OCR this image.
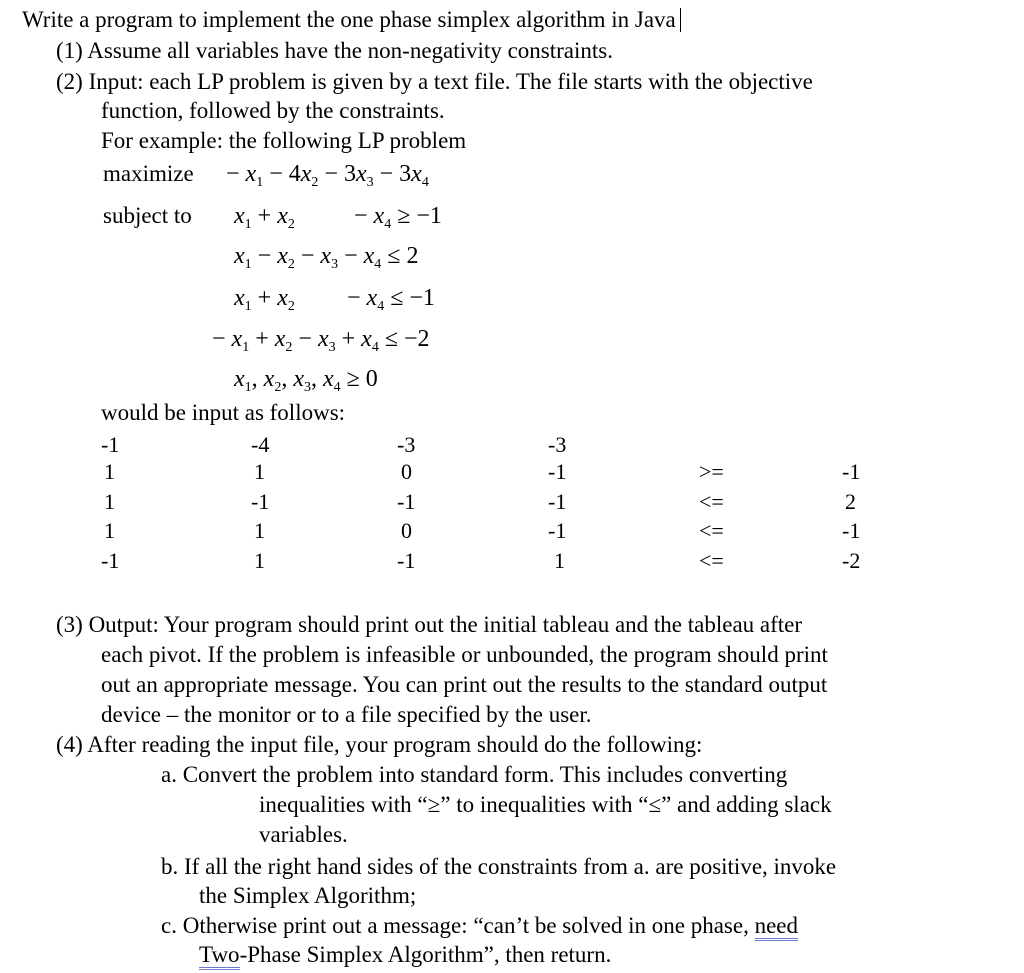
Write a program to implement the one phase simplex algorithm in Java
(1) Assume all variables have the non-negativity constraints.
(2) Input: each LP problem is given by a text file. The file starts with the objective
function, followed by the constraints.
For example: the following LP problem
maximize − $x_1 - 4x_2 - 3x_3 - 3x_4$
subject to $x_1 + x_2 - x_4 \ge -1$
$x_1 - x_2 - x_3 - x_4 \le 2$
$x_1 + x_2 - x_4 \le -1$
− $x_1 + x_2 - x_3 + x_4 \le -2$
$x_1$, $x_2$, $x_3$, $x_4 \ge 0$
would be input as follows:
-1	-4	-3	-3
1	1	0	-1	>=	-1
1	-1	-1	-1	<=	2
1	1	0	-1	<=	-1
-1	1	-1	1	<=	-2
(3) Output: Your program should print out the initial tableau and the tableau after
each pivot. If the problem is infeasible or unbounded, the program should print
out an appropriate message. You can print out the results to the standard output
device – the monitor or to a file specified by the user.
(4) After reading the input file, your program should do the following:
a. Convert the problem into standard form. This includes converting
inequalities with “≥” to inequalities with “≤” and adding slack
variables.
b. If all the right hand sides of the constraints from a. are positive, invoke
the Simplex Algorithm;
c. Otherwise print out a message: “can’t be solved in one phase, need
Two-Phase Simplex Algorithm”, then return.
